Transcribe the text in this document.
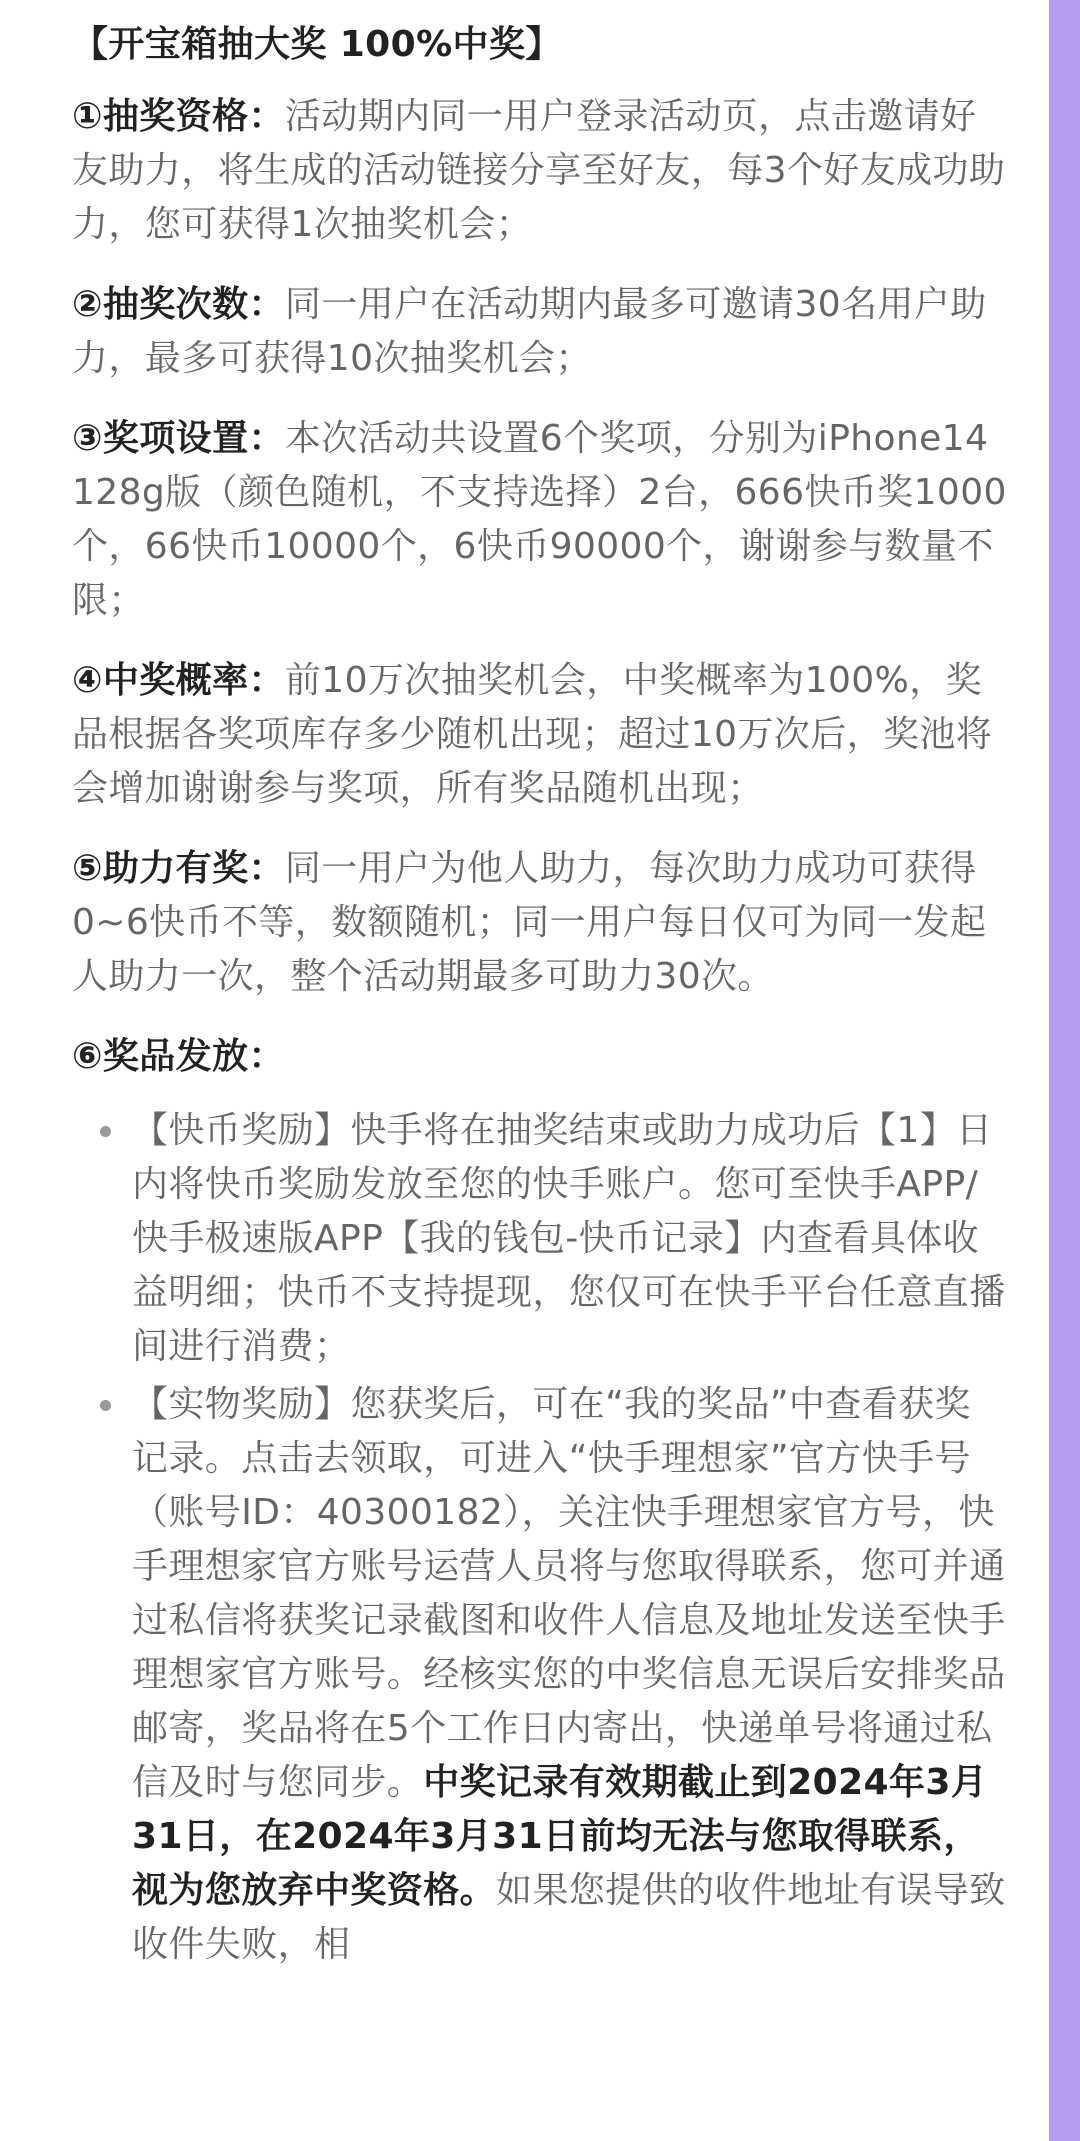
【开宝箱抽大奖 100%中奖】
①抽奖资格：活动期内同一用户登录活动页，点击邀请好友助力，将生成的活动链接分享至好友，每3个好友成功助力，您可获得1次抽奖机会；
②抽奖次数：同一用户在活动期内最多可邀请30名用户助力，最多可获得10次抽奖机会；
③奖项设置：本次活动共设置6个奖项，分别为iPhone14 128g版（颜色随机，不支持选择）2台，666快币奖1000个，66快币10000个，6快币90000个，谢谢参与数量不限；
④中奖概率：前10万次抽奖机会，中奖概率为100%，奖品根据各奖项库存多少随机出现；超过10万次后，奖池将会增加谢谢参与奖项，所有奖品随机出现；
⑤助力有奖：同一用户为他人助力，每次助力成功可获得0~6快币不等，数额随机；同一用户每日仅可为同一发起人助力一次，整个活动期最多可助力30次。
⑥奖品发放：
【快币奖励】快手将在抽奖结束或助力成功后【1】日内将快币奖励发放至您的快手账户。您可至快手APP/快手极速版APP【我的钱包-快币记录】内查看具体收益明细；快币不支持提现，您仅可在快手平台任意直播间进行消费；
【实物奖励】您获奖后，可在“我的奖品”中查看获奖记录。点击去领取，可进入“快手理想家”官方快手号（账号ID：40300182），关注快手理想家官方号，快手理想家官方账号运营人员将与您取得联系，您可并通过私信将获奖记录截图和收件人信息及地址发送至快手理想家官方账号。经核实您的中奖信息无误后安排奖品邮寄，奖品将在5个工作日内寄出，快递单号将通过私信及时与您同步。中奖记录有效期截止到2024年3月31日，在2024年3月31日前均无法与您取得联系，视为您放弃中奖资格。如果您提供的收件地址有误导致收件失败，相
